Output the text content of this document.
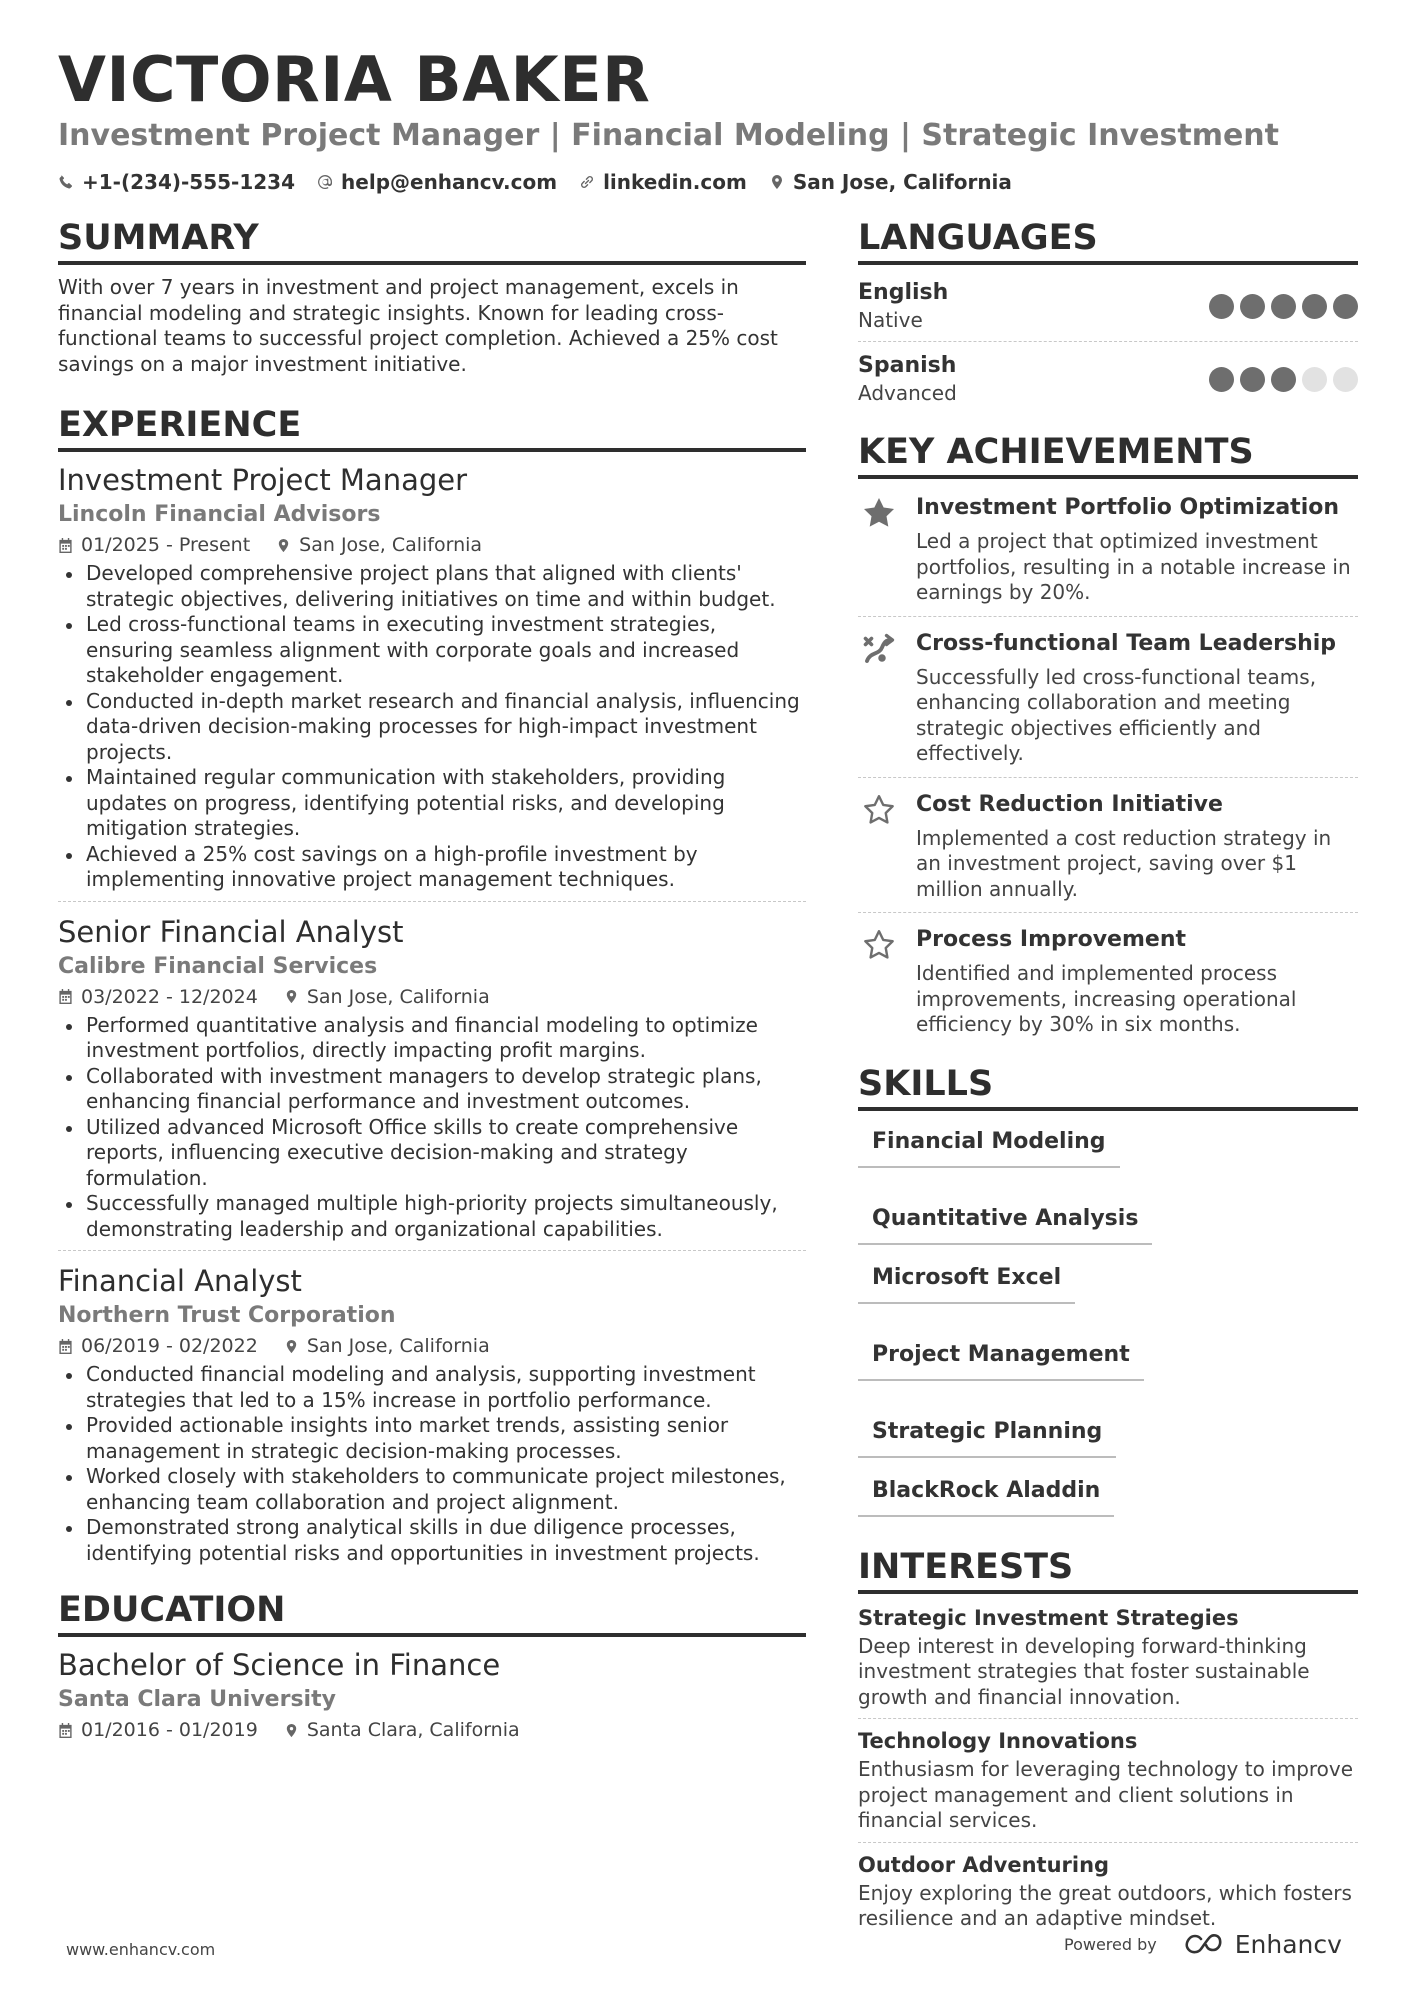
VICTORIA BAKER
Investment Project Manager | Financial Modeling | Strategic Investment
+1-(234)-555-1234 help@enhancv.com linkedin.com San Jose, California
SUMMARY
With over 7 years in investment and project management, excels in financial modeling and strategic insights. Known for leading cross-functional teams to successful project completion. Achieved a 25% cost savings on a major investment initiative.
EXPERIENCE
Investment Project Manager
Lincoln Financial Advisors
01/2025 - Present	San Jose, California
Developed comprehensive project plans that aligned with clients' strategic objectives, delivering initiatives on time and within budget.
Led cross-functional teams in executing investment strategies, ensuring seamless alignment with corporate goals and increased stakeholder engagement.
Conducted in-depth market research and financial analysis, influencing data-driven decision-making processes for high-impact investment projects.
Maintained regular communication with stakeholders, providing updates on progress, identifying potential risks, and developing mitigation strategies.
Achieved a 25% cost savings on a high-profile investment by implementing innovative project management techniques.
Senior Financial Analyst
Calibre Financial Services
03/2022 - 12/2024	San Jose, California
Performed quantitative analysis and financial modeling to optimize investment portfolios, directly impacting profit margins.
Collaborated with investment managers to develop strategic plans, enhancing financial performance and investment outcomes.
Utilized advanced Microsoft Office skills to create comprehensive reports, influencing executive decision-making and strategy formulation.
Successfully managed multiple high-priority projects simultaneously, demonstrating leadership and organizational capabilities.
Financial Analyst
Northern Trust Corporation
06/2019 - 02/2022	San Jose, California
Conducted financial modeling and analysis, supporting investment strategies that led to a 15% increase in portfolio performance.
Provided actionable insights into market trends, assisting senior management in strategic decision-making processes.
Worked closely with stakeholders to communicate project milestones, enhancing team collaboration and project alignment.
Demonstrated strong analytical skills in due diligence processes, identifying potential risks and opportunities in investment projects.
EDUCATION
Bachelor of Science in Finance
Santa Clara University
01/2016 - 01/2019	Santa Clara, California
LANGUAGES
English
Native
Spanish
Advanced
KEY ACHIEVEMENTS
Investment Portfolio Optimization
Led a project that optimized investment portfolios, resulting in a notable increase in earnings by 20%.
Cross-functional Team Leadership
Successfully led cross-functional teams, enhancing collaboration and meeting strategic objectives efficiently and effectively.
Cost Reduction Initiative
Implemented a cost reduction strategy in an investment project, saving over $1 million annually.
Process Improvement
Identified and implemented process improvements, increasing operational efficiency by 30% in six months.
SKILLS
Financial Modeling
Quantitative Analysis
Microsoft Excel
Project Management
Strategic Planning
BlackRock Aladdin
INTERESTS
Strategic Investment Strategies
Deep interest in developing forward-thinking investment strategies that foster sustainable growth and financial innovation.
Technology Innovations
Enthusiasm for leveraging technology to improve project management and client solutions in financial services.
Outdoor Adventuring
Enjoy exploring the great outdoors, which fosters resilience and an adaptive mindset.
www.enhancv.com	Powered by	Enhancv
